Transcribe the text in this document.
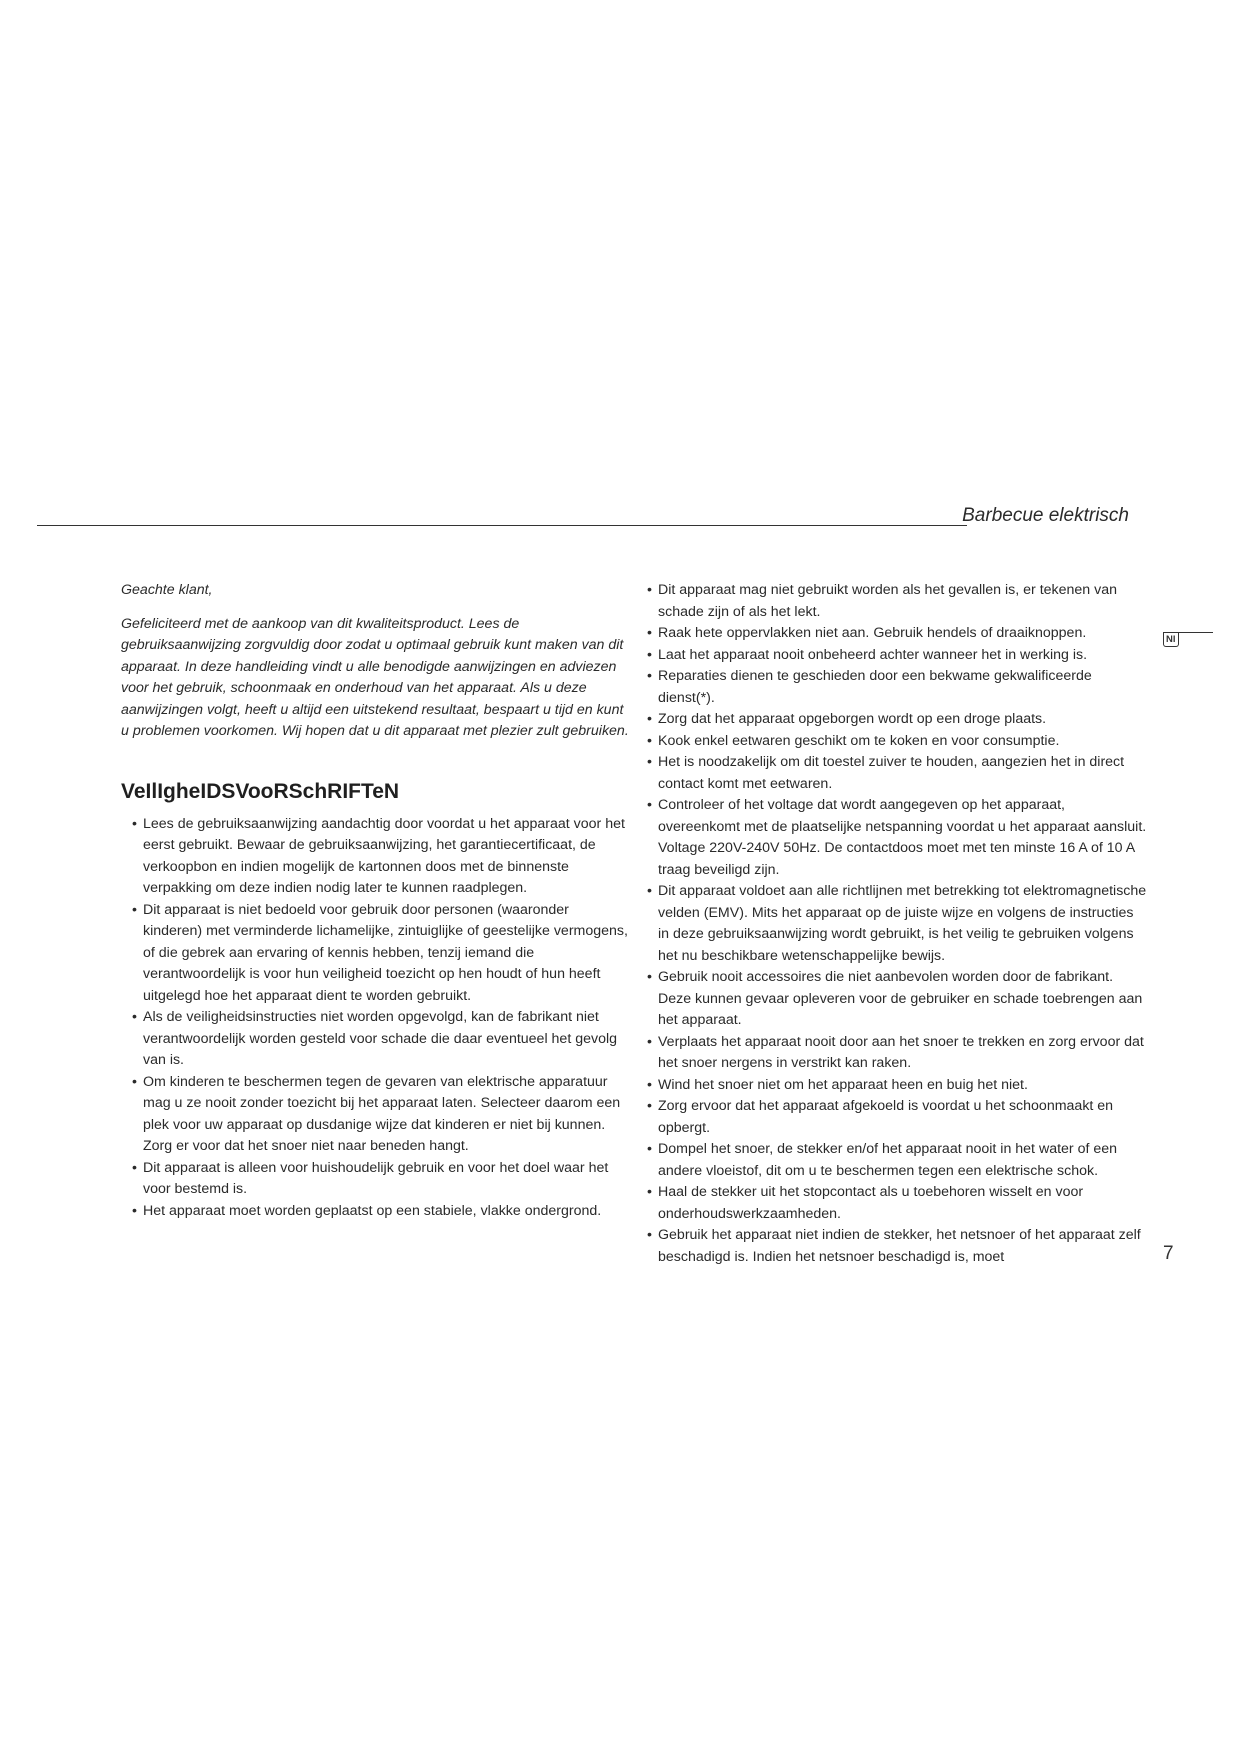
Barbecue elektrisch
Nl

Geachte klant,

Gefeliciteerd met de aankoop van dit kwaliteitsproduct. Lees de gebruiksaanwijzing zorgvuldig door zodat u optimaal gebruik kunt maken van dit apparaat. In deze handleiding vindt u alle benodigde aanwijzingen en adviezen voor het gebruik, schoonmaak en onderhoud van het apparaat. Als u deze aanwijzingen volgt, heeft u altijd een uitstekend resultaat, bespaart u tijd en kunt u problemen voorkomen. Wij hopen dat u dit apparaat met plezier zult gebruiken.

VeIlIgheIDSVooRSchRIFTeN
• Lees de gebruiksaanwijzing aandachtig door voordat u het apparaat voor het eerst gebruikt. Bewaar de gebruiksaanwijzing, het garantiecertificaat, de verkoopbon en indien mogelijk de kartonnen doos met de binnenste verpakking om deze indien nodig later te kunnen raadplegen.
• Dit apparaat is niet bedoeld voor gebruik door personen (waaronder kinderen) met verminderde lichamelijke, zintuiglijke of geestelijke vermogens, of die gebrek aan ervaring of kennis hebben, tenzij iemand die verantwoordelijk is voor hun veiligheid toezicht op hen houdt of hun heeft uitgelegd hoe het apparaat dient te worden gebruikt.
• Als de veiligheidsinstructies niet worden opgevolgd, kan de fabrikant niet verantwoordelijk worden gesteld voor schade die daar eventueel het gevolg van is.
• Om kinderen te beschermen tegen de gevaren van elektrische apparatuur mag u ze nooit zonder toezicht bij het apparaat laten. Selecteer daarom een plek voor uw apparaat op dusdanige wijze dat kinderen er niet bij kunnen. Zorg er voor dat het snoer niet naar beneden hangt.
• Dit apparaat is alleen voor huishoudelijk gebruik en voor het doel waar het voor bestemd is.
• Het apparaat moet worden geplaatst op een stabiele, vlakke ondergrond.
• Dit apparaat mag niet gebruikt worden als het gevallen is, er tekenen van schade zijn of als het lekt.
• Raak hete oppervlakken niet aan. Gebruik hendels of draaiknoppen.
• Laat het apparaat nooit onbeheerd achter wanneer het in werking is.
• Reparaties dienen te geschieden door een bekwame gekwalificeerde dienst(*).
• Zorg dat het apparaat opgeborgen wordt op een droge plaats.
• Kook enkel eetwaren geschikt om te koken en voor consumptie.
• Het is noodzakelijk om dit toestel zuiver te houden, aangezien het in direct contact komt met eetwaren.
• Controleer of het voltage dat wordt aangegeven op het apparaat, overeenkomt met de plaatselijke netspanning voordat u het apparaat aansluit. Voltage 220V-240V 50Hz. De contactdoos moet met ten minste 16 A of 10 A traag beveiligd zijn.
• Dit apparaat voldoet aan alle richtlijnen met betrekking tot elektromagnetische velden (EMV). Mits het apparaat op de juiste wijze en volgens de instructies in deze gebruiksaanwijzing wordt gebruikt, is het veilig te gebruiken volgens het nu beschikbare wetenschappelijke bewijs.
• Gebruik nooit accessoires die niet aanbevolen worden door de fabrikant. Deze kunnen gevaar opleveren voor de gebruiker en schade toebrengen aan het apparaat.
• Verplaats het apparaat nooit door aan het snoer te trekken en zorg ervoor dat het snoer nergens in verstrikt kan raken.
• Wind het snoer niet om het apparaat heen en buig het niet.
• Zorg ervoor dat het apparaat afgekoeld is voordat u het schoonmaakt en opbergt.
• Dompel het snoer, de stekker en/of het apparaat nooit in het water of een andere vloeistof, dit om u te beschermen tegen een elektrische schok.
• Haal de stekker uit het stopcontact als u toebehoren wisselt en voor onderhoudswerkzaamheden.
• Gebruik het apparaat niet indien de stekker, het netsnoer of het apparaat zelf beschadigd is. Indien het netsnoer beschadigd is, moet	7
